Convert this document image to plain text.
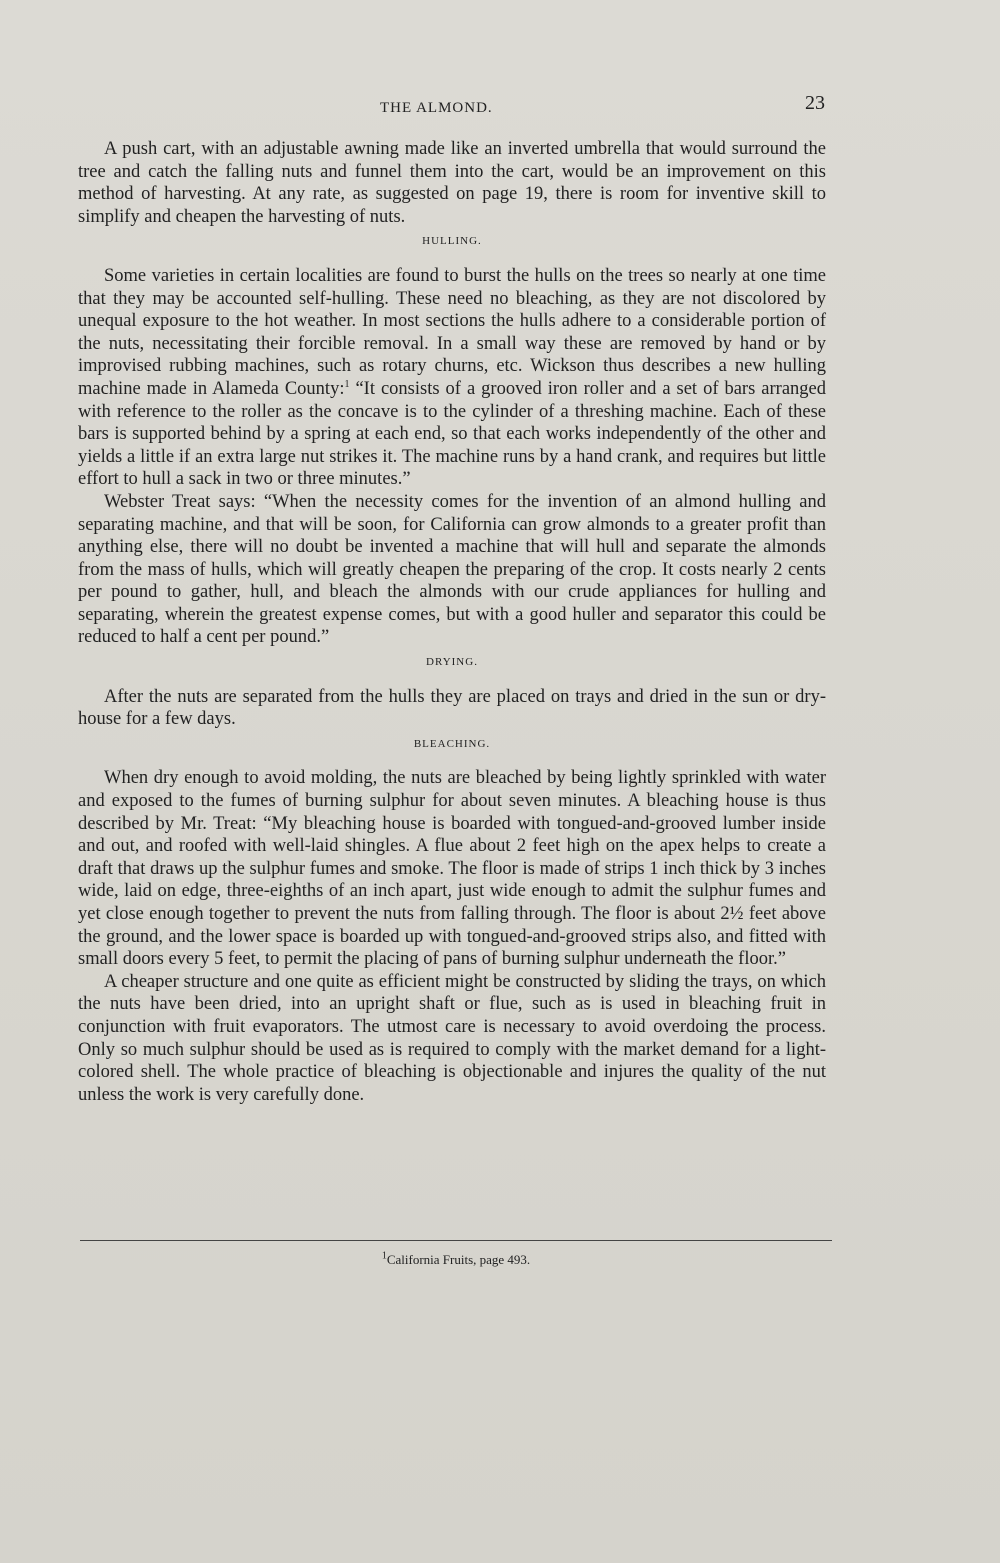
THE ALMOND.	23

A push cart, with an adjustable awning made like an inverted umbrella that would surround the tree and catch the falling nuts and funnel them into the cart, would be an improvement on this method of harvesting. At any rate, as suggested on page 19, there is room for inventive skill to simplify and cheapen the harvesting of nuts.

HULLING.

Some varieties in certain localities are found to burst the hulls on the trees so nearly at one time that they may be accounted self-hulling. These need no bleaching, as they are not discolored by unequal exposure to the hot weather. In most sections the hulls adhere to a considerable portion of the nuts, necessitating their forcible removal. In a small way these are removed by hand or by improvised rubbing machines, such as rotary churns, etc. Wickson thus describes a new hulling machine made in Alameda County:$^1$ “It consists of a grooved iron roller and a set of bars arranged with reference to the roller as the concave is to the cylinder of a threshing machine. Each of these bars is supported behind by a spring at each end, so that each works independently of the other and yields a little if an extra large nut strikes it. The machine runs by a hand crank, and requires but little effort to hull a sack in two or three minutes.”

Webster Treat says: “When the necessity comes for the invention of an almond hulling and separating machine, and that will be soon, for California can grow almonds to a greater profit than anything else, there will no doubt be invented a machine that will hull and separate the almonds from the mass of hulls, which will greatly cheapen the preparing of the crop. It costs nearly 2 cents per pound to gather, hull, and bleach the almonds with our crude appliances for hulling and separating, wherein the greatest expense comes, but with a good huller and separator this could be reduced to half a cent per pound.”

DRYING.

After the nuts are separated from the hulls they are placed on trays and dried in the sun or dry-house for a few days.

BLEACHING.

When dry enough to avoid molding, the nuts are bleached by being lightly sprinkled with water and exposed to the fumes of burning sulphur for about seven minutes. A bleaching house is thus described by Mr. Treat: “My bleaching house is boarded with tongued-and-grooved lumber inside and out, and roofed with well-laid shingles. A flue about 2 feet high on the apex helps to create a draft that draws up the sulphur fumes and smoke. The floor is made of strips 1 inch thick by 3 inches wide, laid on edge, three-eighths of an inch apart, just wide enough to admit the sulphur fumes and yet close enough together to prevent the nuts from falling through. The floor is about 2½ feet above the ground, and the lower space is boarded up with tongued-and-grooved strips also, and fitted with small doors every 5 feet, to permit the placing of pans of burning sulphur underneath the floor.”

A cheaper structure and one quite as efficient might be constructed by sliding the trays, on which the nuts have been dried, into an upright shaft or flue, such as is used in bleaching fruit in conjunction with fruit evaporators. The utmost care is necessary to avoid overdoing the process. Only so much sulphur should be used as is required to comply with the market demand for a light-colored shell. The whole practice of bleaching is objectionable and injures the quality of the nut unless the work is very carefully done.

$^1$California Fruits, page 493.
